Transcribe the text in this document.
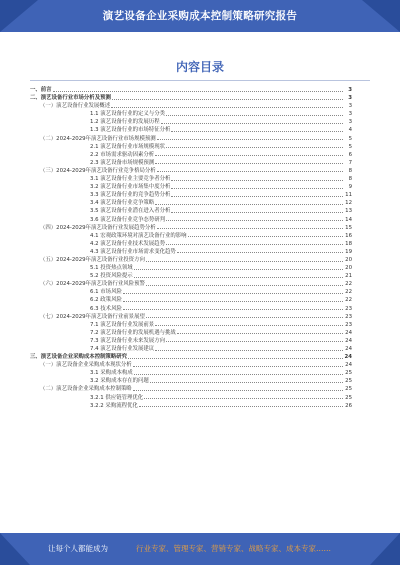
演艺设备企业采购成本控制策略研究报告
内容目录
一、前言	3
二、演艺设备行业市场分析及预测	3
（一）演艺设备行业发展概述	3
1.1 演艺设备行业的定义与分类	3
1.2 演艺设备行业的发展历程	3
1.3 演艺设备行业的市场特征分析	4
（二）2024-2029年演艺设备行业市场规模预测	5
2.1 演艺设备行业市场规模现状	5
2.2 市场需求驱动因素分析	6
2.3 演艺设备市场规模预测	7
（三）2024-2029年演艺设备行业竞争格局分析	8
3.1 演艺设备行业主要竞争者分析	8
3.2 演艺设备行业市场集中度分析	9
3.3 演艺设备行业的竞争趋势分析	11
3.4 演艺设备行业竞争策略	12
3.5 演艺设备行业潜在进入者分析	13
3.6 演艺设备行业竞争态势研判	14
（四）2024-2029年演艺设备行业发展趋势分析	15
4.1 宏观政策环境对演艺设备行业的影响	16
4.2 演艺设备行业技术发展趋势	18
4.3 演艺设备行业市场需求变化趋势	19
（五）2024-2029年演艺设备行业投资方向	20
5.1 投资热点领域	20
5.2 投资风险提示	21
（六）2024-2029年演艺设备行业风险预警	22
6.1 市场风险	22
6.2 政策风险	22
6.3 技术风险	23
（七）2024-2029年演艺设备行业前景展望	23
7.1 演艺设备行业发展前景	23
7.2 演艺设备行业的发展机遇与挑战	24
7.3 演艺设备行业未来发展方向	24
7.4 演艺设备行业发展建议	24
三、演艺设备企业采购成本控制策略研究	24
（一）演艺设备企业采购成本现状分析	24
3.1 采购成本构成	25
3.2 采购成本存在的问题	25
（二）演艺设备企业采购成本控制策略	25
3.2.1 供应链管理优化	25
3.2.2 采购流程优化	26
让每个人都能成为	行业专家、管理专家、营销专家、战略专家、成本专家……
